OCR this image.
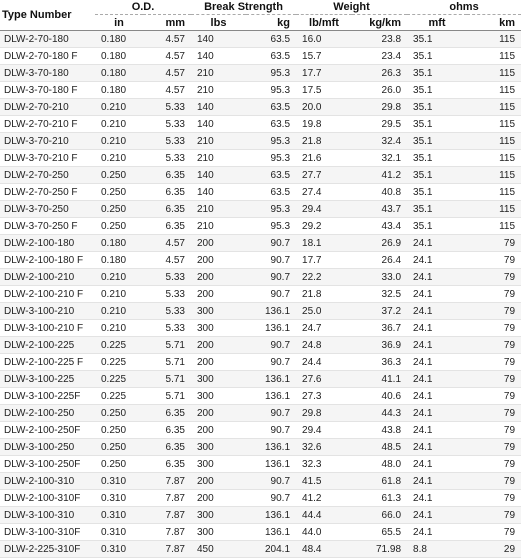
Type Number	O.D.		Break Strength		Weight		ohms	
	in	mm	lbs	kg	lb/mft	kg/km	mft	km
DLW-2-70-180	0.180	4.57	140	63.5	16.0	23.8	35.1	115
DLW-2-70-180 F	0.180	4.57	140	63.5	15.7	23.4	35.1	115
DLW-3-70-180	0.180	4.57	210	95.3	17.7	26.3	35.1	115
DLW-3-70-180 F	0.180	4.57	210	95.3	17.5	26.0	35.1	115
DLW-2-70-210	0.210	5.33	140	63.5	20.0	29.8	35.1	115
DLW-2-70-210 F	0.210	5.33	140	63.5	19.8	29.5	35.1	115
DLW-3-70-210	0.210	5.33	210	95.3	21.8	32.4	35.1	115
DLW-3-70-210 F	0.210	5.33	210	95.3	21.6	32.1	35.1	115
DLW-2-70-250	0.250	6.35	140	63.5	27.7	41.2	35.1	115
DLW-2-70-250 F	0.250	6.35	140	63.5	27.4	40.8	35.1	115
DLW-3-70-250	0.250	6.35	210	95.3	29.4	43.7	35.1	115
DLW-3-70-250 F	0.250	6.35	210	95.3	29.2	43.4	35.1	115
DLW-2-100-180	0.180	4.57	200	90.7	18.1	26.9	24.1	79
DLW-2-100-180 F	0.180	4.57	200	90.7	17.7	26.4	24.1	79
DLW-2-100-210	0.210	5.33	200	90.7	22.2	33.0	24.1	79
DLW-2-100-210 F	0.210	5.33	200	90.7	21.8	32.5	24.1	79
DLW-3-100-210	0.210	5.33	300	136.1	25.0	37.2	24.1	79
DLW-3-100-210 F	0.210	5.33	300	136.1	24.7	36.7	24.1	79
DLW-2-100-225	0.225	5.71	200	90.7	24.8	36.9	24.1	79
DLW-2-100-225 F	0.225	5.71	200	90.7	24.4	36.3	24.1	79
DLW-3-100-225	0.225	5.71	300	136.1	27.6	41.1	24.1	79
DLW-3-100-225F	0.225	5.71	300	136.1	27.3	40.6	24.1	79
DLW-2-100-250	0.250	6.35	200	90.7	29.8	44.3	24.1	79
DLW-2-100-250F	0.250	6.35	200	90.7	29.4	43.8	24.1	79
DLW-3-100-250	0.250	6.35	300	136.1	32.6	48.5	24.1	79
DLW-3-100-250F	0.250	6.35	300	136.1	32.3	48.0	24.1	79
DLW-2-100-310	0.310	7.87	200	90.7	41.5	61.8	24.1	79
DLW-2-100-310F	0.310	7.87	200	90.7	41.2	61.3	24.1	79
DLW-3-100-310	0.310	7.87	300	136.1	44.4	66.0	24.1	79
DLW-3-100-310F	0.310	7.87	300	136.1	44.0	65.5	24.1	79
DLW-2-225-310F	0.310	7.87	450	204.1	48.4	71.98	8.8	29
